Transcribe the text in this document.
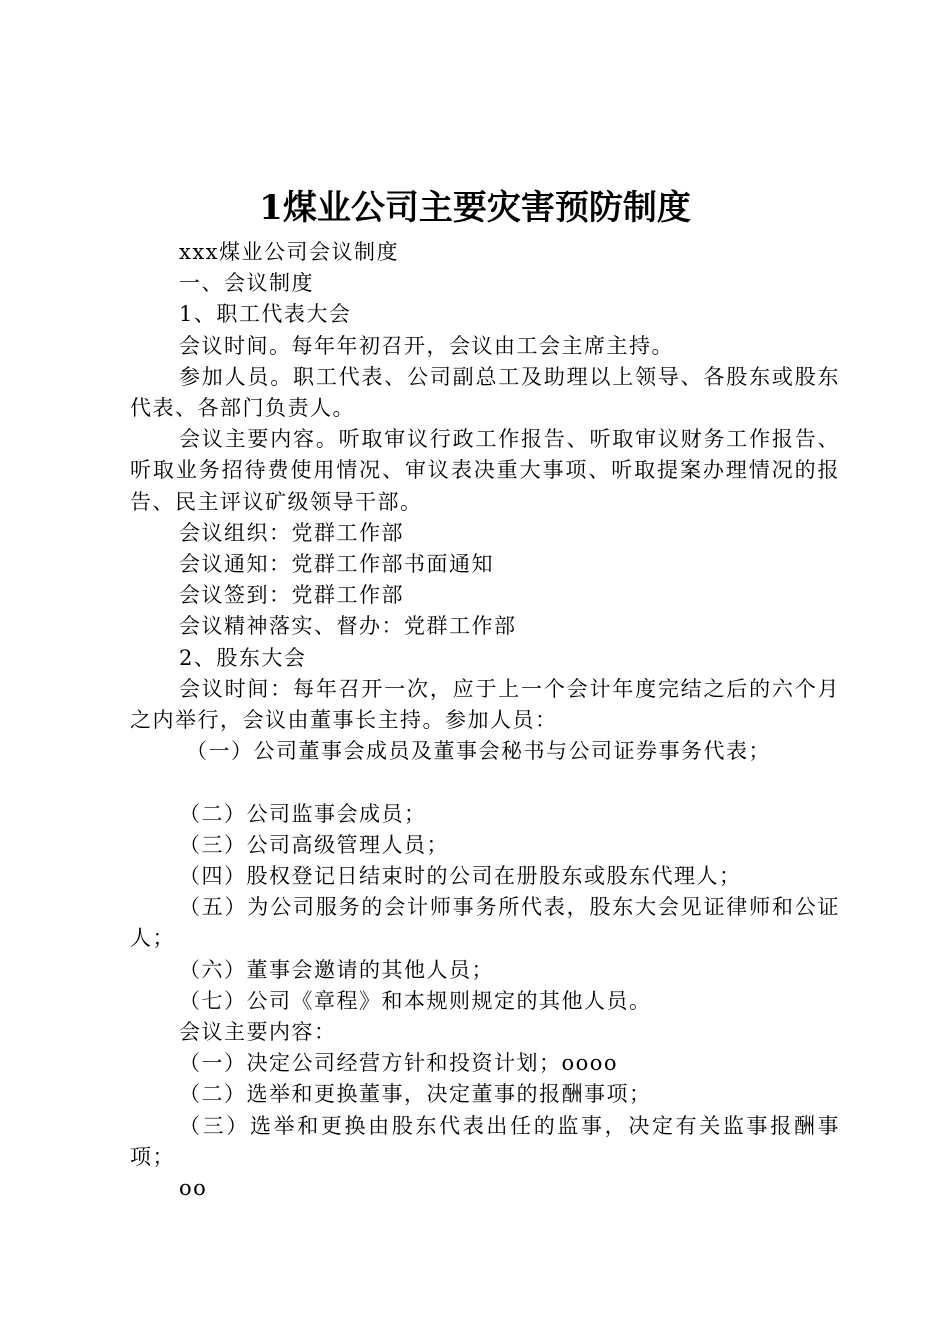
1煤业公司主要灾害预防制度

xxx煤业公司会议制度

一、会议制度

1、职工代表大会

会议时间。每年年初召开，会议由工会主席主持。

参加人员。职工代表、公司副总工及助理以上领导、各股东或股东代表、各部门负责人。

会议主要内容。听取审议行政工作报告、听取审议财务工作报告、听取业务招待费使用情况、审议表决重大事项、听取提案办理情况的报告、民主评议矿级领导干部。

会议组织：党群工作部

会议通知：党群工作部书面通知

会议签到：党群工作部

会议精神落实、督办：党群工作部

2、股东大会

会议时间：每年召开一次，应于上一个会计年度完结之后的六个月之内举行，会议由董事长主持。参加人员：

（一）公司董事会成员及董事会秘书与公司证券事务代表；

（二）公司监事会成员；

（三）公司高级管理人员；

（四）股权登记日结束时的公司在册股东或股东代理人；

（五）为公司服务的会计师事务所代表，股东大会见证律师和公证人；

（六）董事会邀请的其他人员；

（七）公司《章程》和本规则规定的其他人员。

会议主要内容：

（一）决定公司经营方针和投资计划；oooo

（二）选举和更换董事，决定董事的报酬事项；

（三）选举和更换由股东代表出任的监事，决定有关监事报酬事项；

oo
